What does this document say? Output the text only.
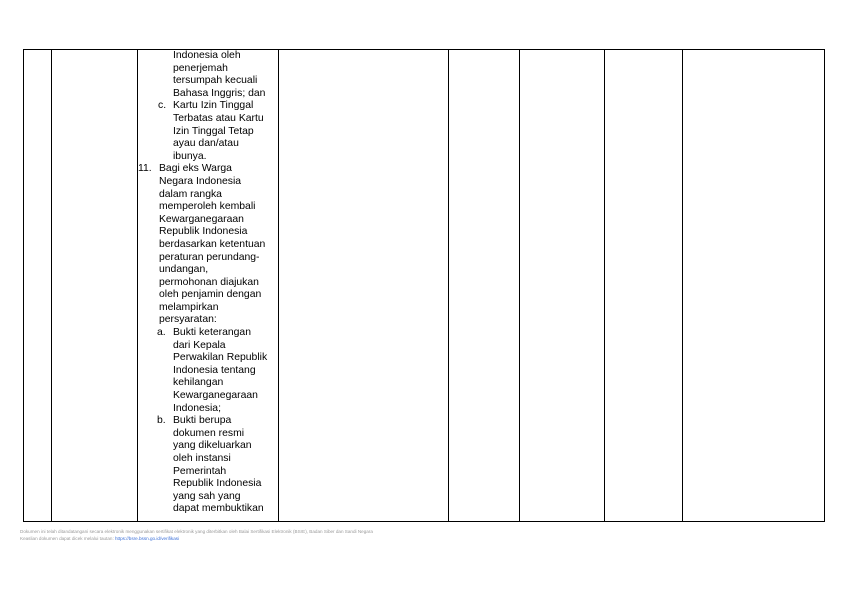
Indonesia oleh
penerjemah
tersumpah kecuali
Bahasa Inggris; dan
c. Kartu Izin Tinggal
Terbatas atau Kartu
Izin Tinggal Tetap
ayau dan/atau
ibunya.
11. Bagi eks Warga
Negara Indonesia
dalam rangka
memperoleh kembali
Kewarganegaraan
Republik Indonesia
berdasarkan ketentuan
peraturan perundang-
undangan,
permohonan diajukan
oleh penjamin dengan
melampirkan
persyaratan:
a. Bukti keterangan
dari Kepala
Perwakilan Republik
Indonesia tentang
kehilangan
Kewarganegaraan
Indonesia;
b. Bukti berupa
dokumen resmi
yang dikeluarkan
oleh instansi
Pemerintah
Republik Indonesia
yang sah yang
dapat membuktikan

Dokumen ini telah ditandatangani secara elektronik menggunakan sertifikat elektronik yang diterbitkan oleh Balai Sertifikasi Elektronik (BSrE), Badan Siber dan Sandi Negara
Keaslian dokumen dapat dicek melalui tautan: https://bsre.bssn.go.id/verifikasi
